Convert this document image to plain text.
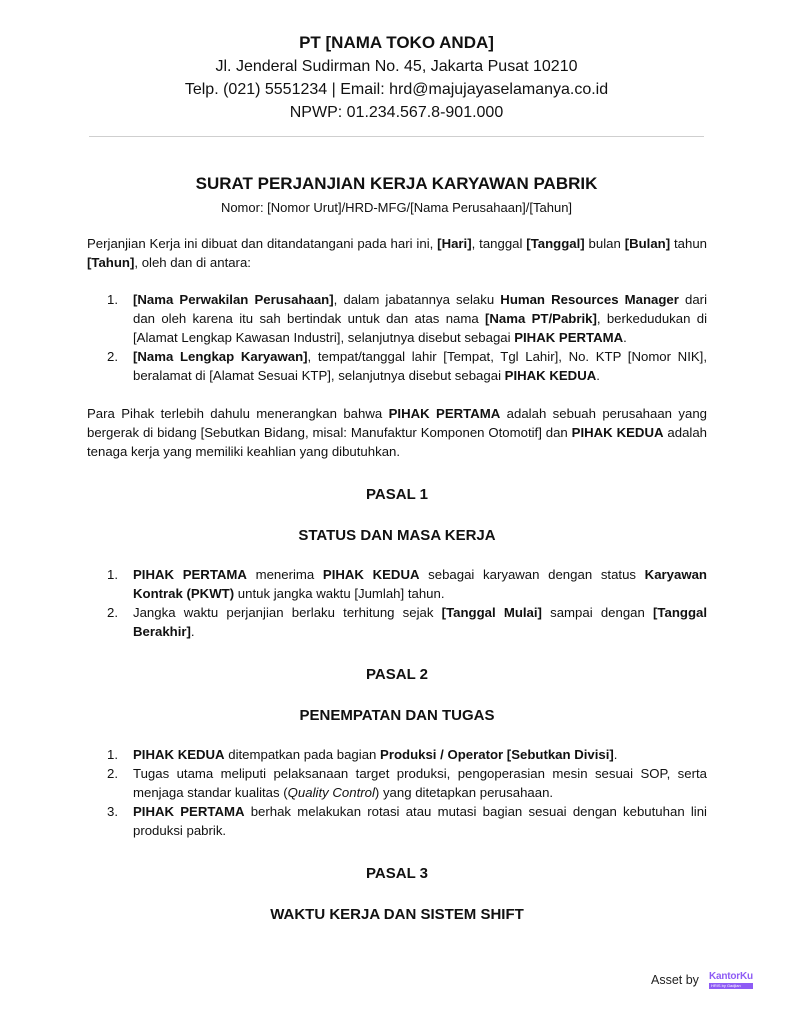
PT [NAMA TOKO ANDA]
Jl. Jenderal Sudirman No. 45, Jakarta Pusat 10210
Telp. (021) 5551234 | Email: hrd@majujayaselamanya.co.id
NPWP: 01.234.567.8-901.000
SURAT PERJANJIAN KERJA KARYAWAN PABRIK
Nomor: [Nomor Urut]/HRD-MFG/[Nama Perusahaan]/[Tahun]

Perjanjian Kerja ini dibuat dan ditandatangani pada hari ini, [Hari], tanggal [Tanggal] bulan [Bulan] tahun [Tahun], oleh dan di antara:

1. [Nama Perwakilan Perusahaan], dalam jabatannya selaku Human Resources Manager dari dan oleh karena itu sah bertindak untuk dan atas nama [Nama PT/Pabrik], berkedudukan di [Alamat Lengkap Kawasan Industri], selanjutnya disebut sebagai PIHAK PERTAMA.
2. [Nama Lengkap Karyawan], tempat/tanggal lahir [Tempat, Tgl Lahir], No. KTP [Nomor NIK], beralamat di [Alamat Sesuai KTP], selanjutnya disebut sebagai PIHAK KEDUA.

Para Pihak terlebih dahulu menerangkan bahwa PIHAK PERTAMA adalah sebuah perusahaan yang bergerak di bidang [Sebutkan Bidang, misal: Manufaktur Komponen Otomotif] dan PIHAK KEDUA adalah tenaga kerja yang memiliki keahlian yang dibutuhkan.

PASAL 1

STATUS DAN MASA KERJA

1. PIHAK PERTAMA menerima PIHAK KEDUA sebagai karyawan dengan status Karyawan Kontrak (PKWT) untuk jangka waktu [Jumlah] tahun.
2. Jangka waktu perjanjian berlaku terhitung sejak [Tanggal Mulai] sampai dengan [Tanggal Berakhir].

PASAL 2

PENEMPATAN DAN TUGAS

1. PIHAK KEDUA ditempatkan pada bagian Produksi / Operator [Sebutkan Divisi].
2. Tugas utama meliputi pelaksanaan target produksi, pengoperasian mesin sesuai SOP, serta menjaga standar kualitas (Quality Control) yang ditetapkan perusahaan.
3. PIHAK PERTAMA berhak melakukan rotasi atau mutasi bagian sesuai dengan kebutuhan lini produksi pabrik.

PASAL 3

WAKTU KERJA DAN SISTEM SHIFT

Asset by KantorKu
HRIS by Gadjian
